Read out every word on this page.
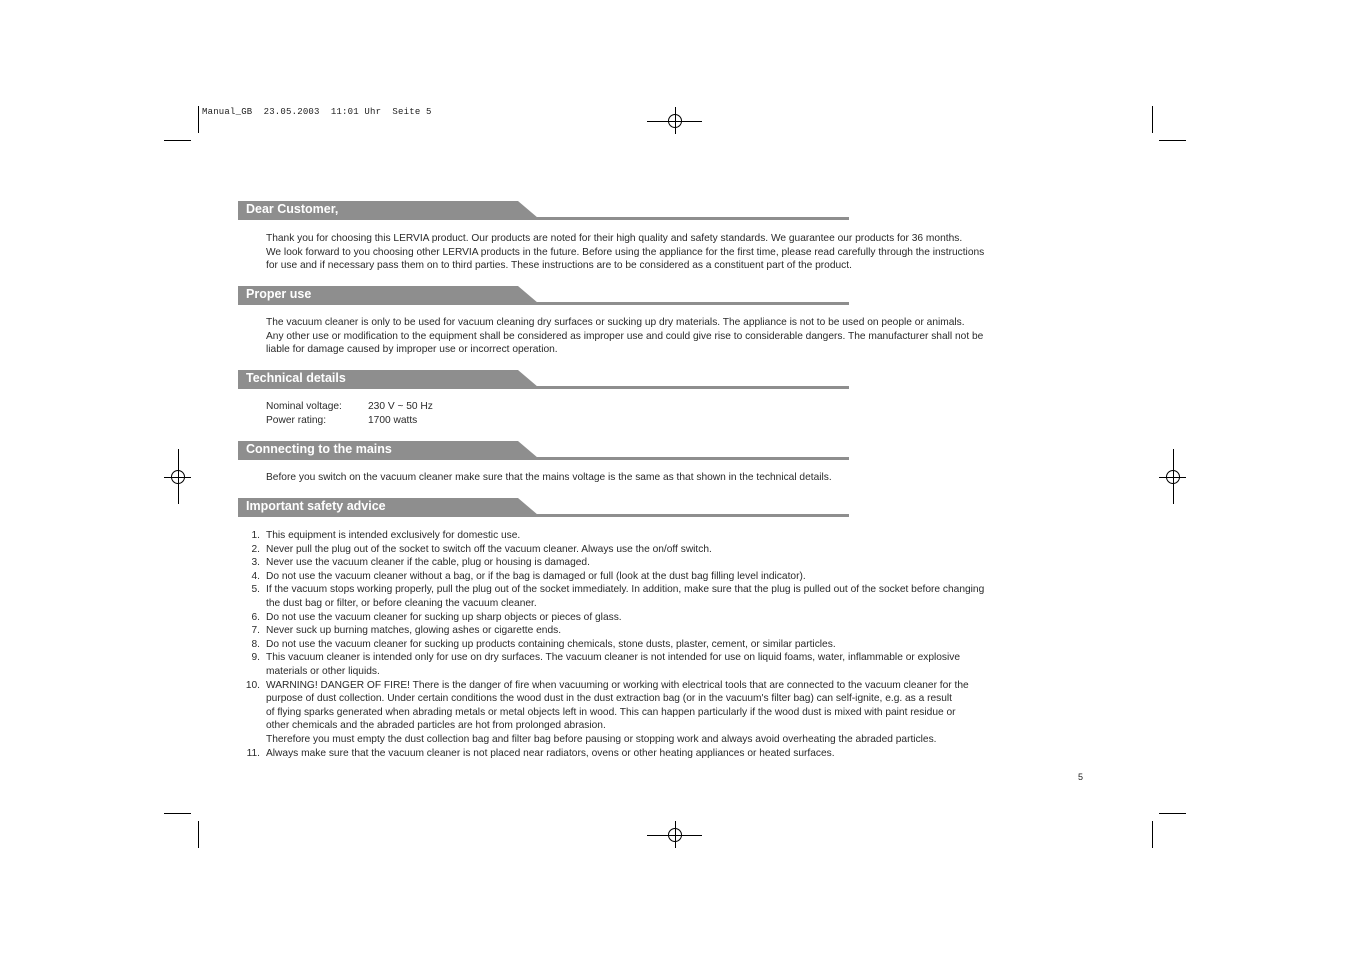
Manual_GB  23.05.2003  11:01 Uhr  Seite 5
Dear Customer,
Thank you for choosing this LERVIA product. Our products are noted for their high quality and safety standards. We guarantee our products for 36 months.
We look forward to you choosing other LERVIA products in the future. Before using the appliance for the first time, please read carefully through the instructions
for use and if necessary pass them on to third parties. These instructions are to be considered as a constituent part of the product.
Proper use
The vacuum cleaner is only to be used for vacuum cleaning dry surfaces or sucking up dry materials. The appliance is not to be used on people or animals.
Any other use or modification to the equipment shall be considered as improper use and could give rise to considerable dangers. The manufacturer shall not be
liable for damage caused by improper use or incorrect operation.
Technical details
Nominal voltage:	230 V ~ 50 Hz
Power rating:	1700 watts
Connecting to the mains
Before you switch on the vacuum cleaner make sure that the mains voltage is the same as that shown in the technical details.
Important safety advice
1. This equipment is intended exclusively for domestic use.
2. Never pull the plug out of the socket to switch off the vacuum cleaner. Always use the on/off switch.
3. Never use the vacuum cleaner if the cable, plug or housing is damaged.
4. Do not use the vacuum cleaner without a bag, or if the bag is damaged or full (look at the dust bag filling level indicator).
5. If the vacuum stops working properly, pull the plug out of the socket immediately. In addition, make sure that the plug is pulled out of the socket before changing
the dust bag or filter, or before cleaning the vacuum cleaner.
6. Do not use the vacuum cleaner for sucking up sharp objects or pieces of glass.
7. Never suck up burning matches, glowing ashes or cigarette ends.
8. Do not use the vacuum cleaner for sucking up products containing chemicals, stone dusts, plaster, cement, or similar particles.
9. This vacuum cleaner is intended only for use on dry surfaces. The vacuum cleaner is not intended for use on liquid foams, water, inflammable or explosive
materials or other liquids.
10. WARNING! DANGER OF FIRE! There is the danger of fire when vacuuming or working with electrical tools that are connected to the vacuum cleaner for the
purpose of dust collection. Under certain conditions the wood dust in the dust extraction bag (or in the vacuum's filter bag) can self-ignite, e.g. as a result
of flying sparks generated when abrading metals or metal objects left in wood. This can happen particularly if the wood dust is mixed with paint residue or
other chemicals and the abraded particles are hot from prolonged abrasion.
Therefore you must empty the dust collection bag and filter bag before pausing or stopping work and always avoid overheating the abraded particles.
11. Always make sure that the vacuum cleaner is not placed near radiators, ovens or other heating appliances or heated surfaces.
5
